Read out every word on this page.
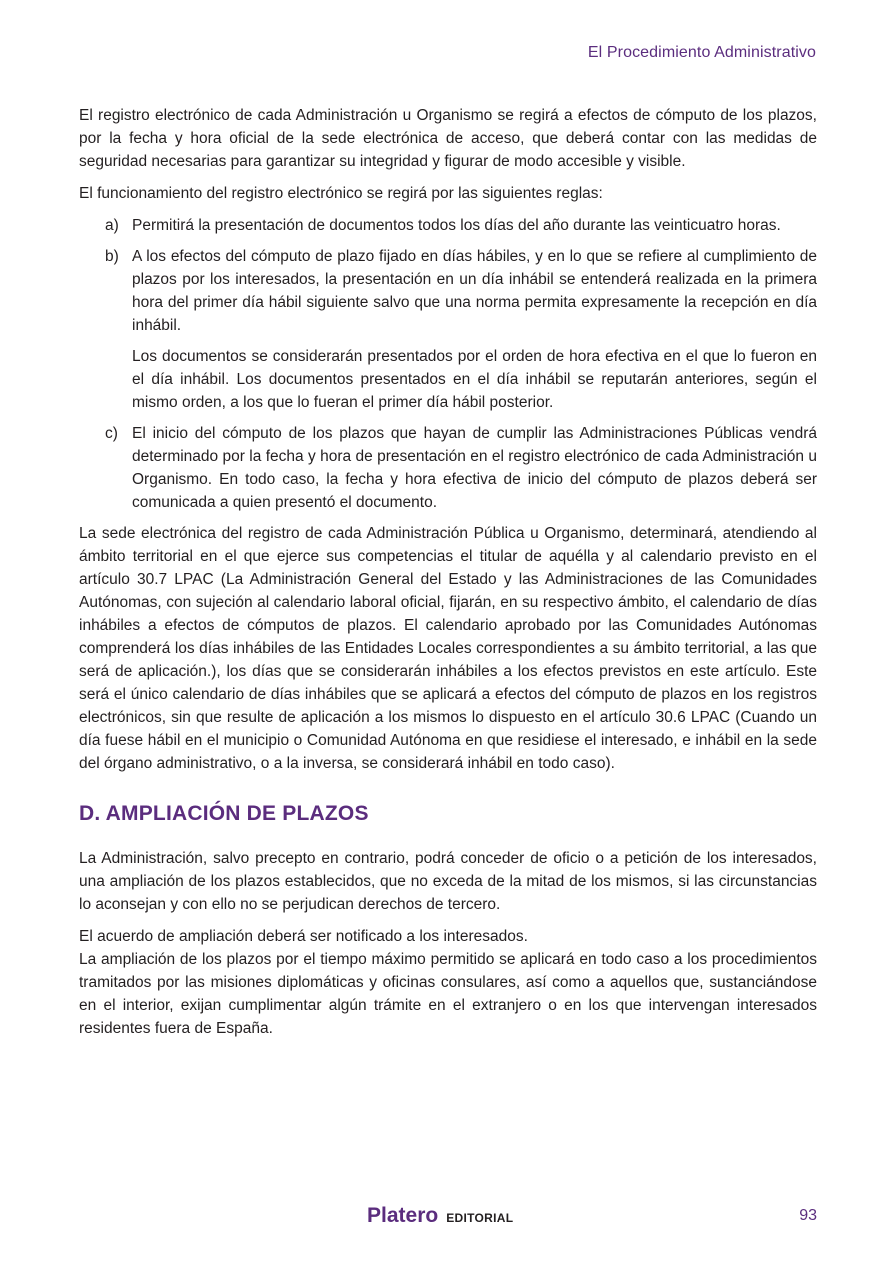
El Procedimiento Administrativo

El registro electrónico de cada Administración u Organismo se regirá a efectos de cómputo de los plazos, por la fecha y hora oficial de la sede electrónica de acceso, que deberá contar con las medidas de seguridad necesarias para garantizar su integridad y figurar de modo accesible y visible.

El funcionamiento del registro electrónico se regirá por las siguientes reglas:

a) Permitirá la presentación de documentos todos los días del año durante las veinticuatro horas.

b) A los efectos del cómputo de plazo fijado en días hábiles, y en lo que se refiere al cumplimiento de plazos por los interesados, la presentación en un día inhábil se entenderá realizada en la primera hora del primer día hábil siguiente salvo que una norma permita expresamente la recepción en día inhábil.

Los documentos se considerarán presentados por el orden de hora efectiva en el que lo fueron en el día inhábil. Los documentos presentados en el día inhábil se reputarán anteriores, según el mismo orden, a los que lo fueran el primer día hábil posterior.

c) El inicio del cómputo de los plazos que hayan de cumplir las Administraciones Públicas vendrá determinado por la fecha y hora de presentación en el registro electrónico de cada Administración u Organismo. En todo caso, la fecha y hora efectiva de inicio del cómputo de plazos deberá ser comunicada a quien presentó el documento.

La sede electrónica del registro de cada Administración Pública u Organismo, determinará, atendiendo al ámbito territorial en el que ejerce sus competencias el titular de aquélla y al calendario previsto en el artículo 30.7 LPAC (La Administración General del Estado y las Administraciones de las Comunidades Autónomas, con sujeción al calendario laboral oficial, fijarán, en su respectivo ámbito, el calendario de días inhábiles a efectos de cómputos de plazos. El calendario aprobado por las Comunidades Autónomas comprenderá los días inhábiles de las Entidades Locales correspondientes a su ámbito territorial, a las que será de aplicación.), los días que se considerarán inhábiles a los efectos previstos en este artículo. Este será el único calendario de días inhábiles que se aplicará a efectos del cómputo de plazos en los registros electrónicos, sin que resulte de aplicación a los mismos lo dispuesto en el artículo 30.6 LPAC (Cuando un día fuese hábil en el municipio o Comunidad Autónoma en que residiese el interesado, e inhábil en la sede del órgano administrativo, o a la inversa, se considerará inhábil en todo caso).

D. AMPLIACIÓN DE PLAZOS

La Administración, salvo precepto en contrario, podrá conceder de oficio o a petición de los interesados, una ampliación de los plazos establecidos, que no exceda de la mitad de los mismos, si las circunstancias lo aconsejan y con ello no se perjudican derechos de tercero.

El acuerdo de ampliación deberá ser notificado a los interesados.

La ampliación de los plazos por el tiempo máximo permitido se aplicará en todo caso a los procedimientos tramitados por las misiones diplomáticas y oficinas consulares, así como a aquellos que, sustanciándose en el interior, exijan cumplimentar algún trámite en el extranjero o en los que intervengan interesados residentes fuera de España.

Platero EDITORIAL	93
